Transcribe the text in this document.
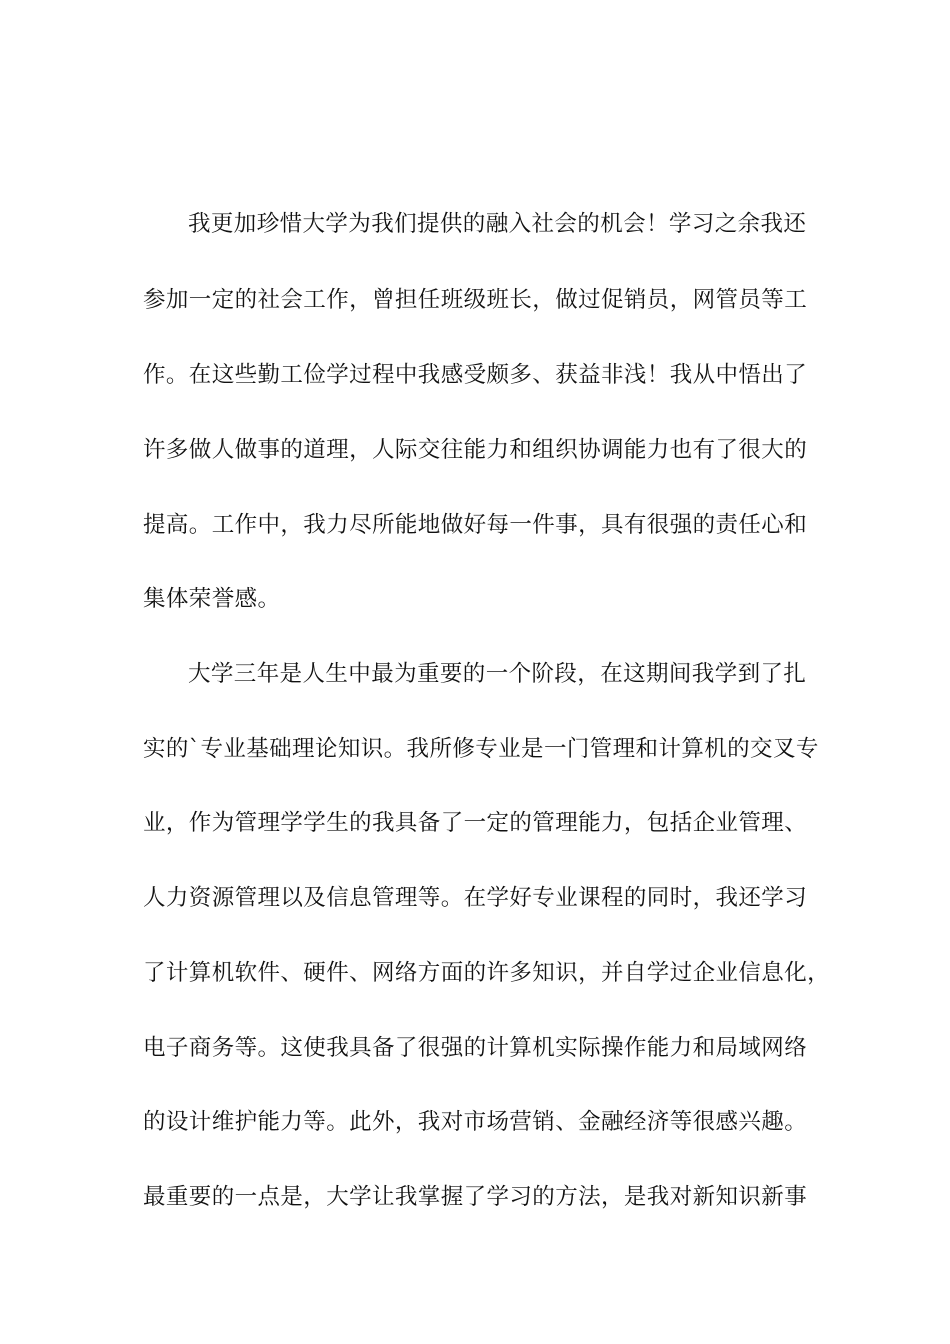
我更加珍惜大学为我们提供的融入社会的机会！学习之余我还

参加一定的社会工作，曾担任班级班长，做过促销员，网管员等工

作。在这些勤工俭学过程中我感受颇多、获益非浅！我从中悟出了

许多做人做事的道理，人际交往能力和组织协调能力也有了很大的

提高。工作中，我力尽所能地做好每一件事，具有很强的责任心和

集体荣誉感。

大学三年是人生中最为重要的一个阶段，在这期间我学到了扎

实的`专业基础理论知识。我所修专业是一门管理和计算机的交叉专

业，作为管理学学生的我具备了一定的管理能力，包括企业管理、

人力资源管理以及信息管理等。在学好专业课程的同时，我还学习

了计算机软件、硬件、网络方面的许多知识，并自学过企业信息化，

电子商务等。这使我具备了很强的计算机实际操作能力和局域网络

的设计维护能力等。此外，我对市场营销、金融经济等很感兴趣。

最重要的一点是，大学让我掌握了学习的方法，是我对新知识新事
